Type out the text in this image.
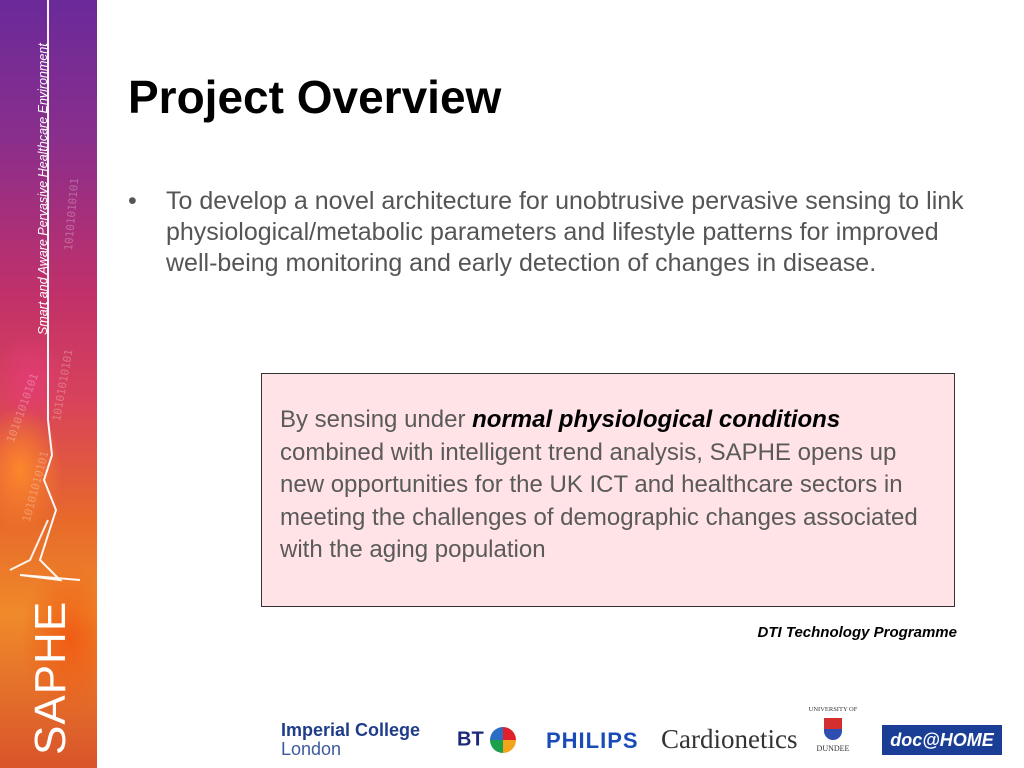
10101010101
10101010101
10101010101
10101010101
Smart and Aware Pervasive Healthcare Environment
SAPHE
Project Overview
• To develop a novel architecture for unobtrusive pervasive sensing to link physiological/metabolic parameters and lifestyle patterns for improved well-being monitoring and early detection of changes in disease.

By sensing under normal physiological conditions combined with intelligent trend analysis, SAPHE opens up new opportunities for the UK ICT and healthcare sectors in meeting the challenges of demographic changes associated with the aging population

DTI Technology Programme
Imperial College
London	BT	PHILIPS Cardionetics
UNIVERSITY OF
DUNDEE	doc@HOME
